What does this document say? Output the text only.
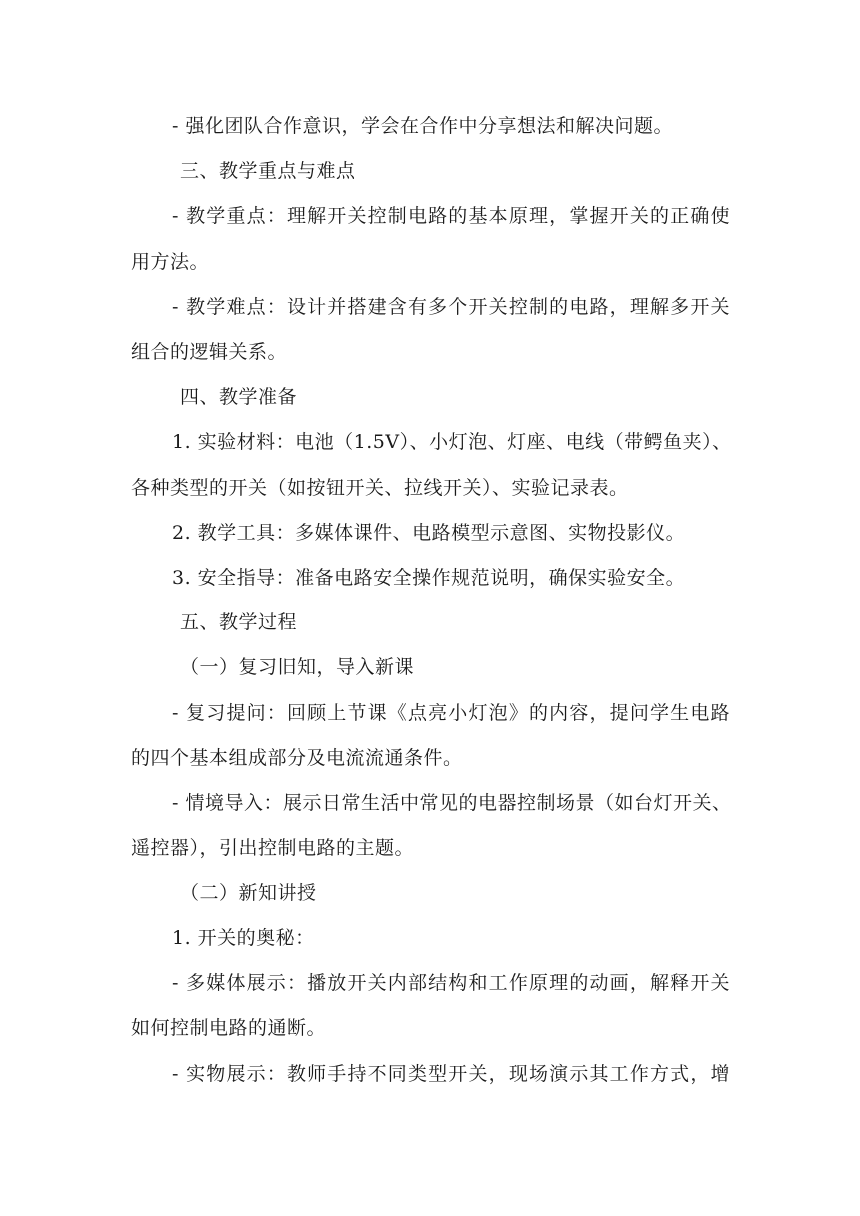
- 强化团队合作意识，学会在合作中分享想法和解决问题。
三、教学重点与难点
- 教学重点：理解开关控制电路的基本原理，掌握开关的正确使
用方法。
- 教学难点：设计并搭建含有多个开关控制的电路，理解多开关
组合的逻辑关系。
四、教学准备
1. 实验材料：电池（1.5V）、小灯泡、灯座、电线（带鳄鱼夹）、
各种类型的开关（如按钮开关、拉线开关）、实验记录表。
2. 教学工具：多媒体课件、电路模型示意图、实物投影仪。
3. 安全指导：准备电路安全操作规范说明，确保实验安全。
五、教学过程
（一）复习旧知，导入新课
- 复习提问：回顾上节课《点亮小灯泡》的内容，提问学生电路
的四个基本组成部分及电流流通条件。
- 情境导入：展示日常生活中常见的电器控制场景（如台灯开关、
遥控器），引出控制电路的主题。
（二）新知讲授
1. 开关的奥秘：
- 多媒体展示：播放开关内部结构和工作原理的动画，解释开关
如何控制电路的通断。
- 实物展示：教师手持不同类型开关，现场演示其工作方式，增
